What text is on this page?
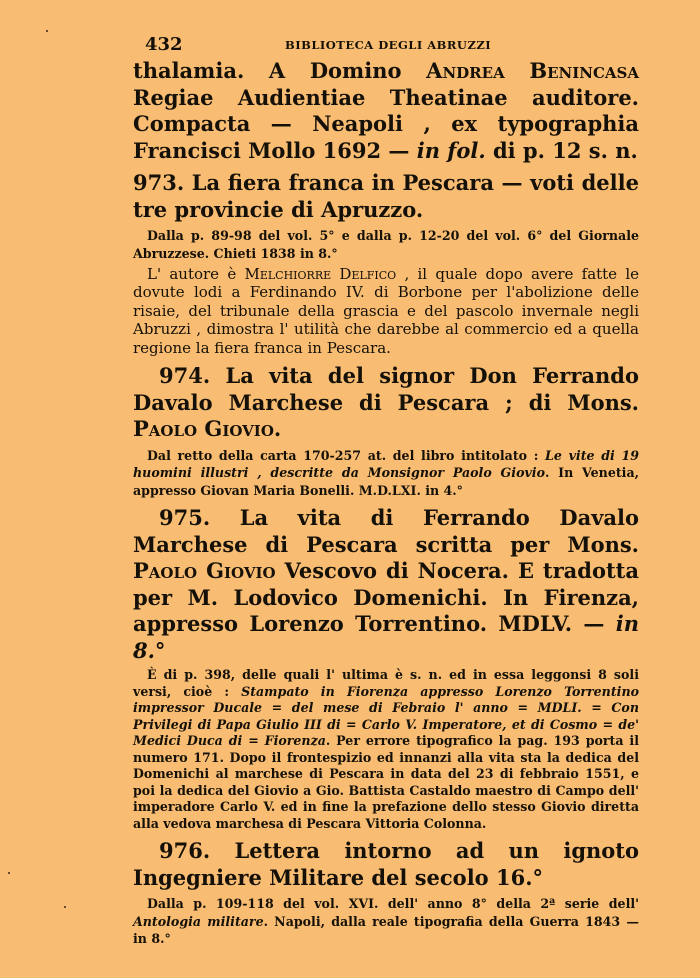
432	BIBLIOTECA DEGLI ABRUZZI

thalamia. A Domino Andrea Benincasa Regiae Audientiae Theatinae auditore. Compacta — Neapoli , ex typographia Francisci Mollo 1692 — in fol. di p. 12 s. n.

973. La fiera franca in Pescara — voti delle tre provincie di Apruzzo.

Dalla p. 89-98 del vol. 5° e dalla p. 12-20 del vol. 6° del Giornale Abruzzese. Chieti 1838 in 8.°

L' autore è Melchiorre Delfico , il quale dopo avere fatte le dovute lodi a Ferdinando IV. di Borbone per l'abolizione delle risaie, del tribunale della grascia e del pascolo invernale negli Abruzzi , dimostra l' utilità che darebbe al commercio ed a quella regione la fiera franca in Pescara.

974. La vita del signor Don Ferrando Davalo Marchese di Pescara ; di Mons. Paolo Giovio.

Dal retto della carta 170-257 at. del libro intitolato : Le vite di 19 huomini illustri , descritte da Monsignor Paolo Giovio. In Venetia, appresso Giovan Maria Bonelli. M.D.LXI. in 4.°

975. La vita di Ferrando Davalo Marchese di Pescara scritta per Mons. Paolo Giovio Vescovo di Nocera. E tradotta per M. Lodovico Domenichi. In Firenza, appresso Lorenzo Torrentino. MDLV. — in 8.°

È di p. 398, delle quali l' ultima è s. n. ed in essa leggonsi 8 soli versi, cioè : Stampato in Fiorenza appresso Lorenzo Torrentino impressor Ducale = del mese di Febraio l' anno = MDLI. = Con Privilegi di Papa Giulio III di = Carlo V. Imperatore, et di Cosmo = de' Medici Duca di = Fiorenza. Per errore tipografico la pag. 193 porta il numero 171. Dopo il frontespizio ed innanzi alla vita sta la dedica del Domenichi al marchese di Pescara in data del 23 di febbraio 1551, e poi la dedica del Giovio a Gio. Battista Castaldo maestro di Campo dell' imperadore Carlo V. ed in fine la prefazione dello stesso Giovio diretta alla vedova marchesa di Pescara Vittoria Colonna.

976. Lettera intorno ad un ignoto Ingegniere Militare del secolo 16.°

Dalla p. 109-118 del vol. XVI. dell' anno 8° della 2ª serie dell' Antologia militare. Napoli, dalla reale tipografia della Guerra 1843 — in 8.°
